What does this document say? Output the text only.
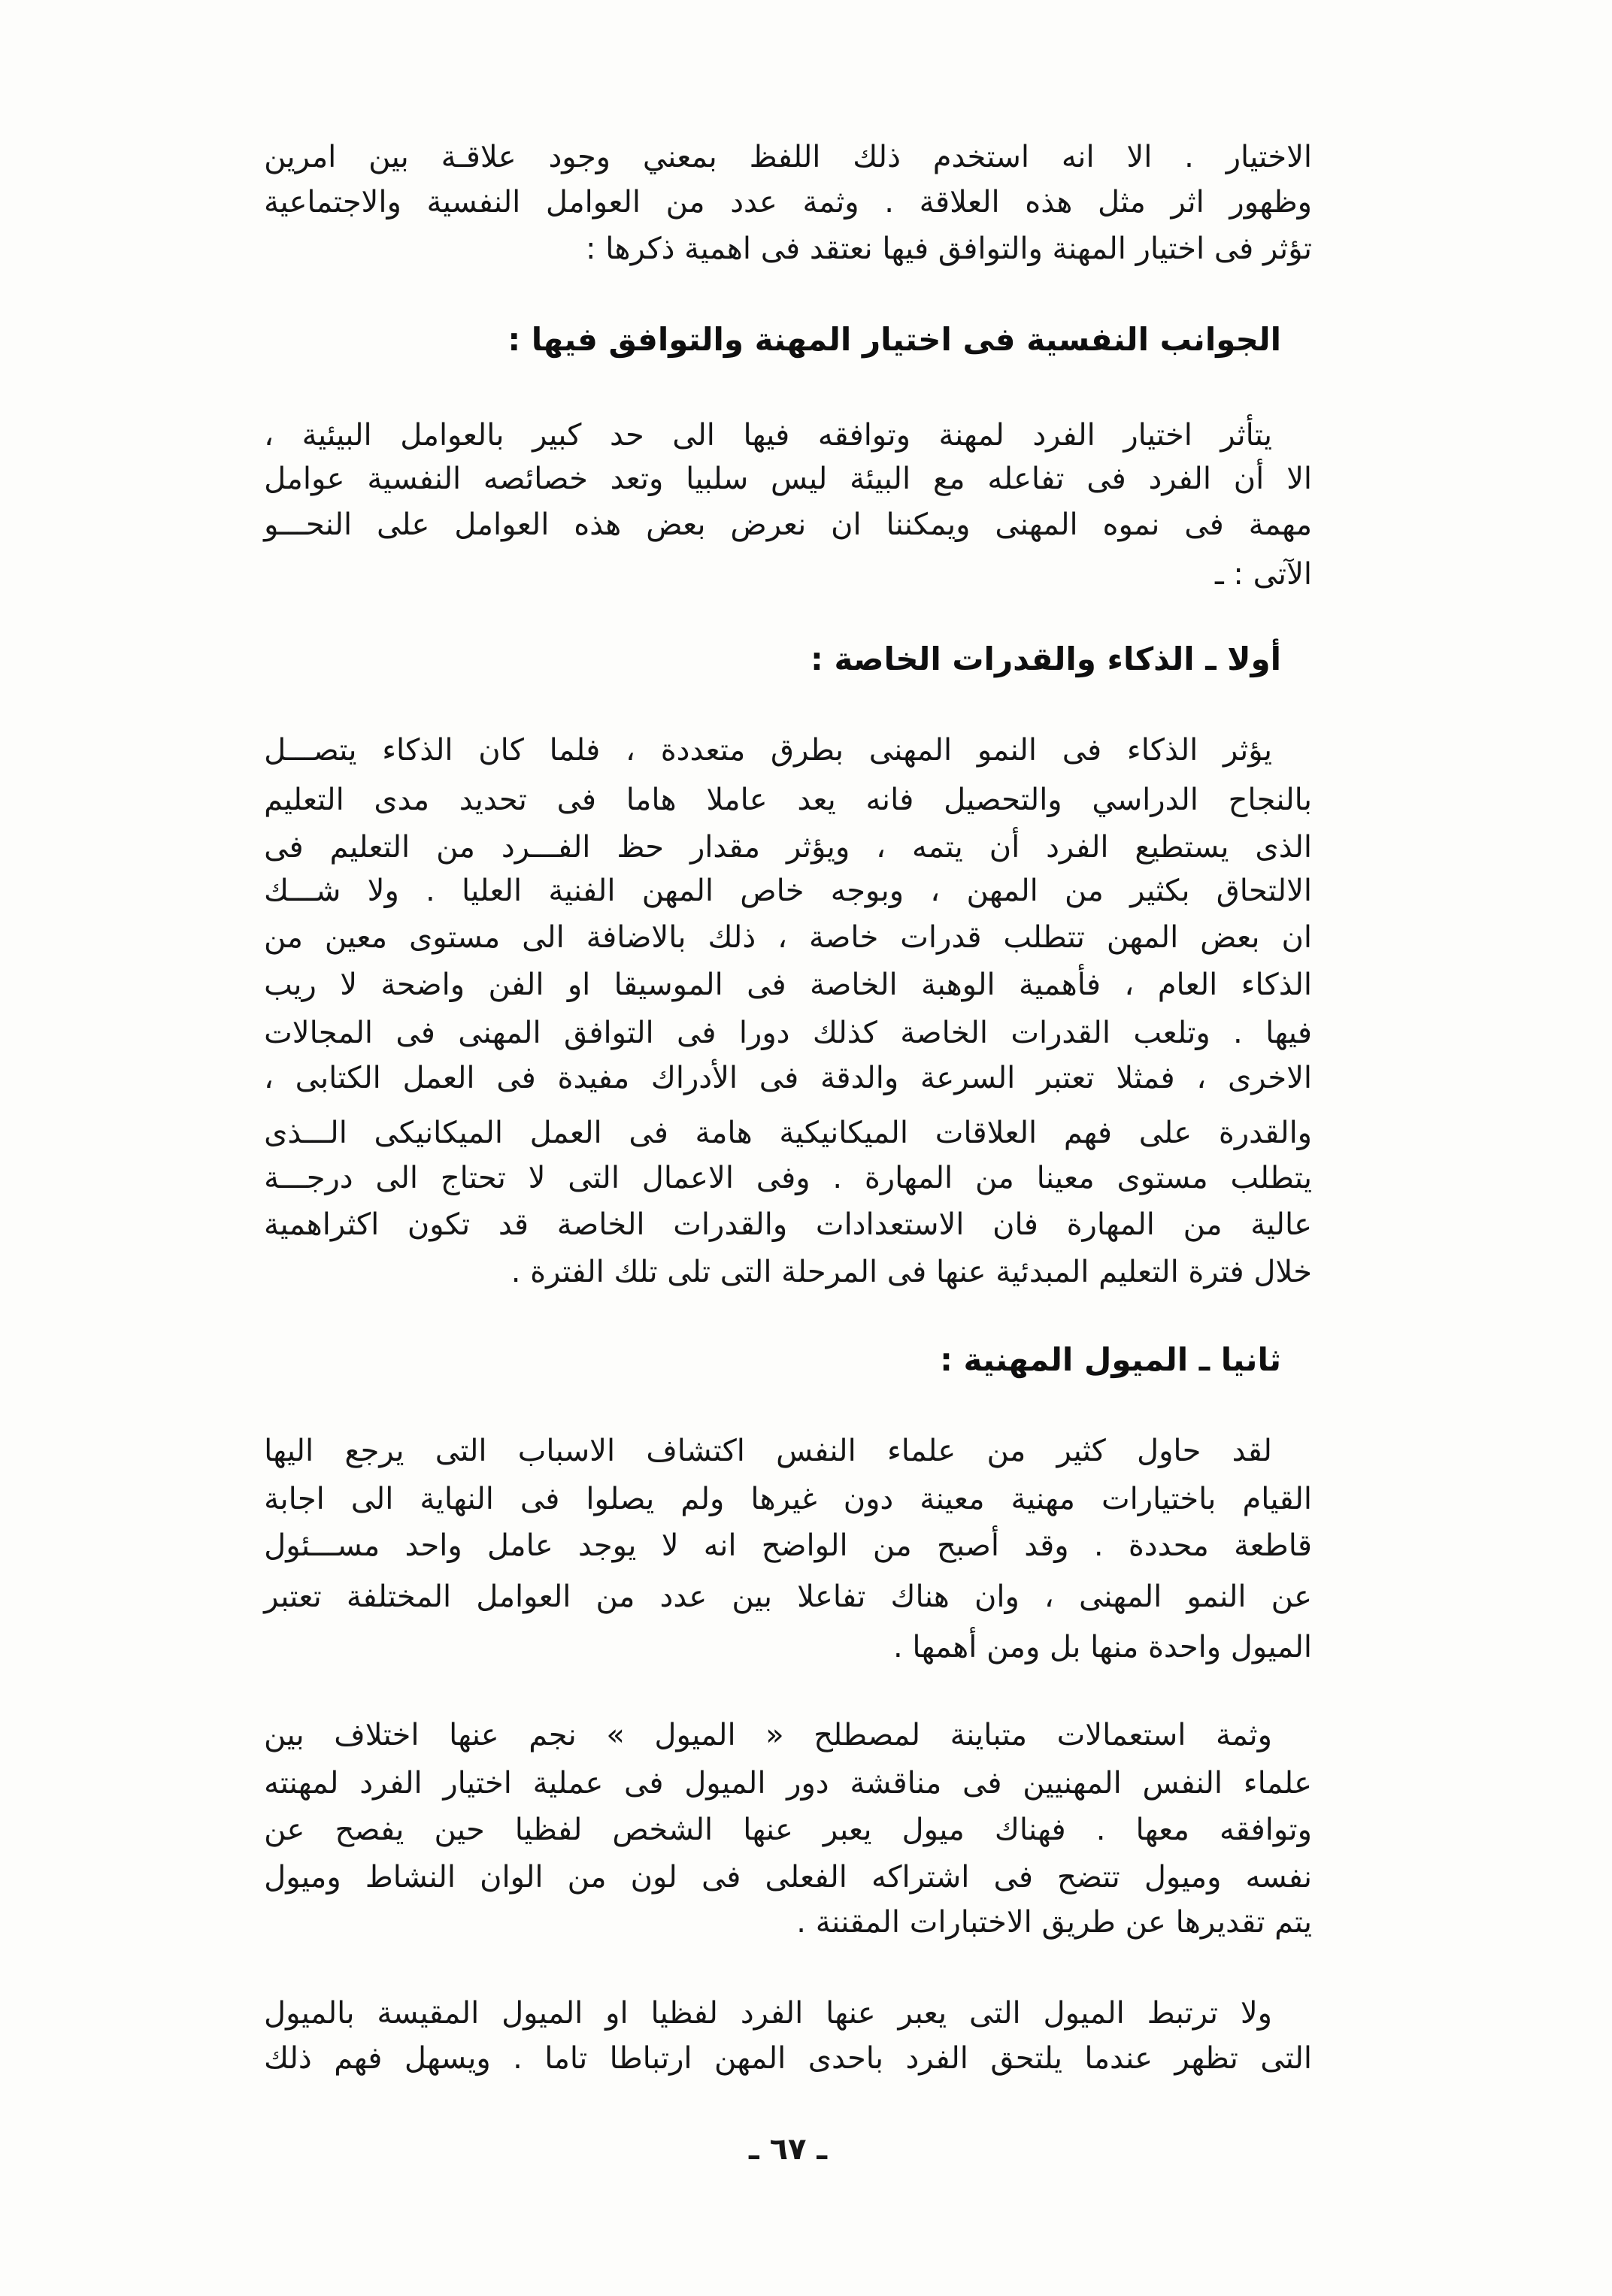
الاختيار
.
الا
انه
استخدم
ذلك
اللفظ
بمعني
وجود
علاقـة
بين
امرين
وظهور
اثر
مثل
هذه
العلاقة
.
وثمة
عدد
من
العوامل
النفسية
والاجتماعية
تؤثر فى اختيار المهنة والتوافق فيها نعتقد فى اهمية ذكرها :
الجوانب النفسية فى اختيار المهنة والتوافق فيها :
يتأثر
اختيار
الفرد
لمهنة
وتوافقه
فيها
الى
حد
كبير
بالعوامل
البيئية
،
الا
أن
الفرد
فى
تفاعله
مع
البيئة
ليس
سلبيا
وتعد
خصائصه
النفسية
عوامل
مهمة
فى
نموه
المهنى
ويمكننا
ان
نعرض
بعض
هذه
العوامل
على
النحـــو
الآتى : ـ
أولا ـ الذكاء والقدرات الخاصة :
يؤثر
الذكاء
فى
النمو
المهنى
بطرق
متعددة
،
فلما
كان
الذكاء
يتصـــل
بالنجاح
الدراسي
والتحصيل
فانه
يعد
عاملا
هاما
فى
تحديد
مدى
التعليم
الذى
يستطيع
الفرد
أن
يتمه
،
ويؤثر
مقدار
حظ
الفـــرد
من
التعليم
فى
الالتحاق
بكثير
من
المهن
،
وبوجه
خاص
المهن
الفنية
العليا
.
ولا
شـــك
ان
بعض
المهن
تتطلب
قدرات
خاصة
،
ذلك
بالاضافة
الى
مستوى
معين
من
الذكاء
العام
،
فأهمية
الوهبة
الخاصة
فى
الموسيقا
او
الفن
واضحة
لا
ريب
فيها
.
وتلعب
القدرات
الخاصة
كذلك
دورا
فى
التوافق
المهنى
فى
المجالات
الاخرى
،
فمثلا
تعتبر
السرعة
والدقة
فى
الأدراك
مفيدة
فى
العمل
الكتابى
،
والقدرة
على
فهم
العلاقات
الميكانيكية
هامة
فى
العمل
الميكانيكى
الـــذى
يتطلب
مستوى
معينا
من
المهارة
.
وفى
الاعمال
التى
لا
تحتاج
الى
درجـــة
عالية
من
المهارة
فان
الاستعدادات
والقدرات
الخاصة
قد
تكون
اكثراهمية
خلال فترة التعليم المبدئية عنها فى المرحلة التى تلى تلك الفترة .
ثانيا ـ الميول المهنية :
لقد
حاول
كثير
من
علماء
النفس
اكتشاف
الاسباب
التى
يرجع
اليها
القيام
باختيارات
مهنية
معينة
دون
غيرها
ولم
يصلوا
فى
النهاية
الى
اجابة
قاطعة
محددة
.
وقد
أصبح
من
الواضح
انه
لا
يوجد
عامل
واحد
مســـئول
عن
النمو
المهنى
،
وان
هناك
تفاعلا
بين
عدد
من
العوامل
المختلفة
تعتبر
الميول واحدة منها بل ومن أهمها .
وثمة
استعمالات
متباينة
لمصطلح
«
الميول
»
نجم
عنها
اختلاف
بين
علماء
النفس
المهنيين
فى
مناقشة
دور
الميول
فى
عملية
اختيار
الفرد
لمهنته
وتوافقه
معها
.
فهناك
ميول
يعبر
عنها
الشخص
لفظيا
حين
يفصح
عن
نفسه
وميول
تتضح
فى
اشتراكه
الفعلى
فى
لون
من
الوان
النشاط
وميول
يتم تقديرها عن طريق الاختبارات المقننة .
ولا
ترتبط
الميول
التى
يعبر
عنها
الفرد
لفظيا
او
الميول
المقيسة
بالميول
التى
تظهر
عندما
يلتحق
الفرد
باحدى
المهن
ارتباطا
تاما
.
ويسهل
فهم
ذلك
ـ ٦٧ ـ
